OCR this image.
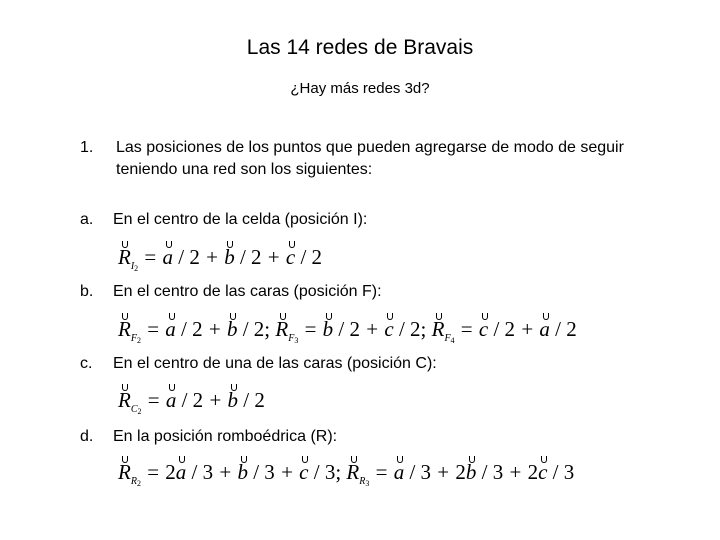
Las 14 redes de Bravais
¿Hay más redes 3d?
1. Las posiciones de los puntos que pueden agregarse de modo de seguir teniendo una red son los siguientes:
a. En el centro de la celda (posición I):
$R_{I_2} = a / 2 + b / 2 + c / 2$
b. En el centro de las caras (posición F):
$R_{F_2} = a / 2 + b / 2$; $R_{F_3} = b / 2 + c / 2$; $R_{F_4} = c / 2 + a / 2$
c. En el centro de una de las caras (posición C):
$R_{C_2} = a / 2 + b / 2$
d. En la posición romboédrica (R):
$R_{R_2} = 2a / 3 + b / 3 + c / 3$; $R_{R_3} = a / 3 + 2b / 3 + 2c / 3$
